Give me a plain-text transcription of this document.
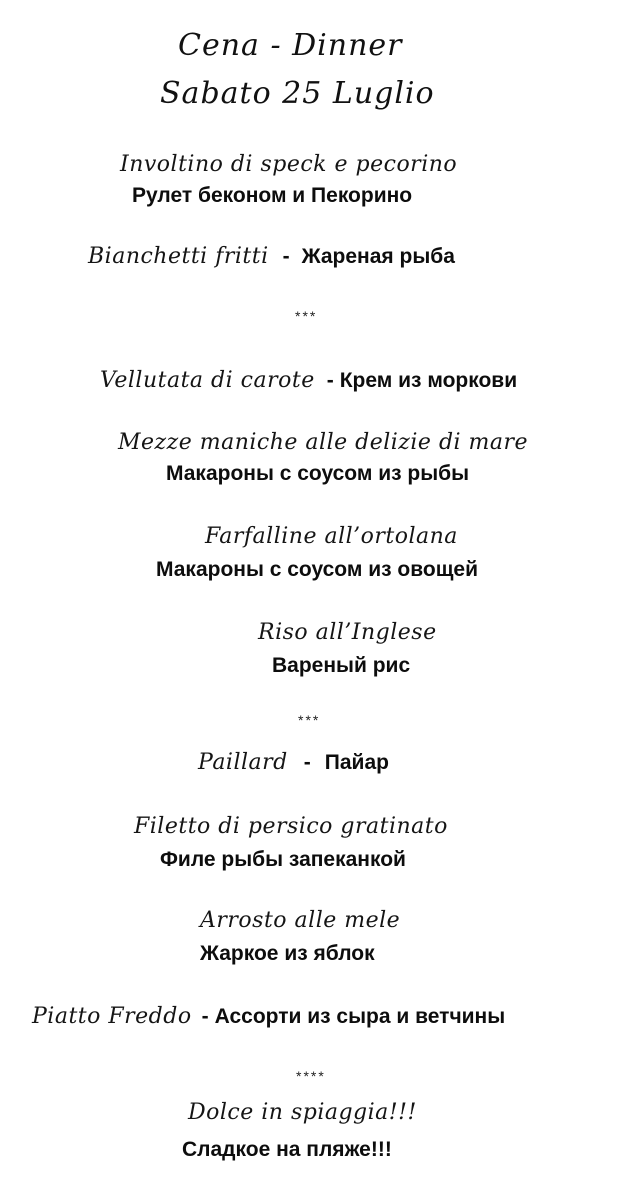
Cena - Dinner
Sabato 25 Luglio
Involtino di speck e pecorino
Рулет беконом и Пекорино
Bianchetti fritti - Жареная рыба
***
Vellutata di carote - Крем из моркови
Mezze maniche alle delizie di mare
Макароны с соусом из рыбы
Farfalline all’ortolana
Макароны с соусом из овощей
Riso all’Inglese
Вареный рис
***
Paillard - Пайар
Filetto di persico gratinato
Филе рыбы запеканкой
Arrosto alle mele
Жаркое из яблок
Piatto Freddo - Ассорти из сыра и ветчины
****
Dolce in spiaggia!!!
Сладкое на пляже!!!
